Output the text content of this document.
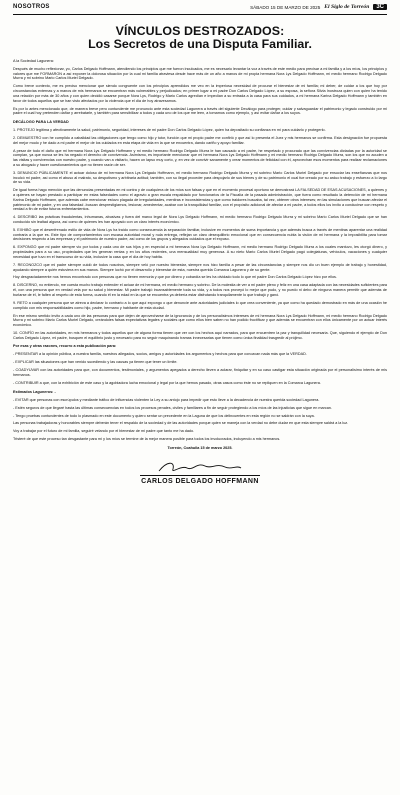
NOSOTROS	SÁBADO 15 DE MARZO DE 2025 El Siglo de Torreón	3C
VÍNCULOS DESTROZADOS:
Los Secretos de una Disputa Familiar.

A la Sociedad Lagunera:

Después de mucho reflexionar, yo, Carlos Delgado Hoffmann, atendiendo los principios que me fueron inculcados, me es necesario levantar la voz a través de este medio para precisar a mi familia y a los míos, los principios y valores que me FORMARON a así exponer la dolorosa situación por la cual mi familia atraviesa desde hace más de un año a manos de mi propia hermana Nora Lys Delgado Hoffmann, mi medio hermano Rodrigo Delgado Murra y mi sobrino Mario Carlos Muriel Delgado.

Como breve contexto, me es preciso mencionar que siendo congruente con los principios aprendidos me veo en la imperiosa necesidad de procurar el bienestar de mi familia; mi deber, de cuidar a los que hoy por circunstancias externas y a manos de mis hermanos se encuentran más vulnerables y perjudicados; en primer lugar a mi padre Don Carlos Delgado López, a su esposa, la señora Silvia Inostroza quien con quien ha tenido una relación por más de 30 años y con quien decidió casarse porque Nora Lys, Rodrigo y Mario Carlos agredían e impedían a su entrada a la casa para sus cuidados, a mi hermana Karina Delgado Hoffmann y también en favor de todos aquellos que se han visto afectados por la violencia que el día de hoy atravesamos.

Es por lo antes mencionado que, de manera breve pero contundente me pronuncio ante esta sociedad Lagunera a través del siguiente Decálogo para proteger, cuidar y salvaguardar el patrimonio y legado construido por mi padre el cual hoy pretenden dañar y arrebatarle, y también para sensibilizar a todos y cada uno de los que me leen, a tomamos como ejemplo, y así evitar dañar a los suyos.

DECÁLOGO PARA LA VERDAD

1. PROTEJO legítima y afectivamente la salud, patrimonio, seguridad, intereses de mi padre Don Carlos Delgado López, quien ha depositado su confianza en mí para cuidarlo y protegerlo.

2. DEMUESTRO con he cumplido a cabalidad las obligaciones que tengo como hijo y tutor, función que mi propio padre me confirió y que así lo presenta el Juez y mis hermanos se confirma. Esta designación fue propuesta del mejor modo y he dado a mi padre el mejor de los cuidados en esta etapa de vida en la que se encuentra, dando cariño y apoyo familiar.

A pesar de todo el daño que mi hermana Nora Lys Delgado Hoffmann y mi medio hermano Rodrigo Delgado Murra le han causado a mi padre, he respetado y procurado que las convivencias dictadas por la autoridad se cumplan, ya que nunca se les ha negado el derecho de convivencia. Asimismo, es importante mencionar que mi hermana Nora Lys Delgado Hoffmann y mi medio hermano Rodrigo Delgado Murra, son los que no acuden a las visitas y convivencias con nuestro padre, y cuando van a visitarlo, hacen un lapso muy corto, y, en vez de convivir sanamente y crear momentos de felicidad con él, aprovechan esos momentos para realizar reclamaciones a su abogado y hacer cuestionamientos que no tienen razón de ser.

3. DENUNCIO PÚBLICAMENTE el actuar doloso de mi hermana Nora Lys Delgado Hoffmann, mi medio hermano Rodrigo Delgado Murra y mi sobrino Mario Carlos Muriel Delgado por ensuciar las enseñanzas que nos inculcó mi padre, así como el abuso al malrato, su despotismo y arbitraria actitud; también, con su ilegal proceder para despojarlo de sus bienes y de su patrimonio el cual fue creado por su arduo trabajo y esfuerzo a lo largo de su vida.

De igual forma hago mención que las denuncias presentadas en mi contra y de cualquiera de los míos son falsas y que en el momento procesal oportuno se demostrará LA FALSEDAD DE ESAS ACUSACIONES, a quienes y a quienes se hayan prestado a participar en estas falsedades como el agravio a gran escala respaldado por funcionarios de la Fiscalía de la pasada administración, que fuera como resultado la detención de mi hermana Karina Delgado Hoffmann, que además cabe mencionar estuvo plagada de irregularidades, mentiras e inconsistencias y que como traidores buscaba, tal vez, obtener otros intereses; en las simulaciones que buscan afectar el patrimonio de mi padre, y en una falsedad -buscan desprestigiarnos, lesionar, amedrentar, acabar con la tranquilidad familiar, con el propósito adicional de afectar a mi padre, a todos ellos los invito a conducirse con respeto y verdad a fin de evitar futuros enfrentamientos.

4. DESCRIBO las prácticas fraudulentas, inhumanas, abusivas y fuera del marco legal de Nora Lys Delgado Hoffmann, mi medio hermano Rodrigo Delgado Murra y mi sobrino Mario Carlos Muriel Delgado que se han conducido sin lealtad alguna, así como de quienes les han apoyado con un claro interés económico.

5. EXHIBO que el desenfrenado estilo de vida de Nora Lys ha traído como consecuencia la separación familiar, inclusive en momentos de suma importancia y que además busca a través de mentiras aparentar una realidad contraria a la que es. Este tipo de comportamientos con escasa autoridad moral y nula entrega, reflejan un claro desequilibrio emocional que en consecuencia nubla la visión de mi hermana y la imposibilita para tomar decisiones respecto a las empresas y el patrimonio de nuestro padre, así como de los grupos y allegados cuidados que el expuso.

6. EXPONGO que mi padre siempre vio por todos y cada uno de sus hijos y en especial a mi hermana Nora Lys Delgado Hoffmann, mi medio hermano Rodrigo Delgado Murra a los cuales mantuvo, les otorgó dinero, y propiedades para a su uso, propiedades que les generan rentas y en los años recientes, una mensualidad muy generosa. A su nieto Mario Carlos Muriel Delgado pagó colegiaturas, vehículos, vacaciones y cualquier necesidad que tuvo en el transcurso de su vida, inclusive la casa que el día de hoy habita.

7. RECONOZCO que mi padre siempre cuidó de todos nosotros, siempre veló por nuestro bienestar, siempre nos hizo familia a pesar de las circunstancias y siempre nos dio un buen ejemplo de trabajo y honestidad, ayudando siempre a quién estuviera en sus manos. Siempre luchó por el desarrollo y bienestar de esta, nuestra querida Comarca Lagunera y de su gente.

Hoy desgraciadamente nos hemos encontrado con personas que no tienen memoria y que por dinero y cobardía se les ha olvidado todo lo que mi padre Don Carlos Delgado López hizo por ellos.

8. DISCERNO, no entiendo, me cuesta mucho trabajo entender el actuar de mi hermana, mi medio hermano y sobrino. De la molestia de ver a mi padre pleno y feliz en una casa adaptada con las necesidades suficientes para él, con una persona que en verdad vela por su salud y bienestar. Mi padre trabajó incansablemente toda su vida, y a todos nos proveyó lo mejor que pudo, y no puedo ni debo de ninguna manera permitir que además de burlarse de él, le falten al respeto de esta forma, cuando él en la edad en la que se encuentra ya debería estar disfrutando tranquilamente lo que trabajó y ganó.

9. RETO a cualquier persona que se atreva a declarar lo contrario a lo que aquí expongo o que denuncie ante autoridades judiciales lo que crea conveniente, ya que como ha quedado demostrado en más de una ocasión he cumplido con mis responsabilidades como hijo, padre, hermano y habitante de esta ciudad.

En ese mismo sentido invito a cada uno de las personas para que dejen de aprovecharse de la ignorancia y de los personalísimos intereses de mi hermana Nora Lys Delgado Hoffmann, mi medio hermano Rodrigo Delgado Murra y mi sobrino Mario Carlos Muriel Delgado, creándoles falsas expectativas legales y sociales que como ellos bien saben no han podido fructificar y que además se encuentran con ellos únicamente por un actuar interés económico.

10. CONFÍO en las autoridades, en mis hermanos y todos aquellos que de alguna forma tienen que ver con los hechos aquí narrados, para que encuentren la paz y tranquilidad necesaria. Que, siguiendo el ejemplo de Don Carlos Delgado López, mi padre, busquen el equilibrio justo y necesario para no seguir maquinando tramas innecesarias que tienen como única finalidad trasgredir al prójimo.

Por esas y otras razones, recurro a esta publicación para:

- PRESENTAR a la opinión pública, a nuestra familia, nuestros allegados, socios, amigos y autoridades los argumentos y hechos para que conozcan nada más que la VERDAD.

- EXPLICAR las situaciones que han venido sucediendo y las causas ya tienen que tener un límite.

- COADYUVAR con las autoridades para que, con documentos, testimoniales, y argumentos apegados a derecho lleven a aclarar, finiquitar y en su caso castigar esta situación originada por el personalísimo interés de mis hermanos.

- CONTRIBUIR a que, con la exhibición de este caso y la agobiadora lucha emocional y legal por la que hemos pasado, otras casos como éste no se repliquen en la Comarca Lagunera.

Estimados Laguneros: -

- EVITAR que personas con escrúpulos y mediante tráfico de influencias violenten la Ley a su antojo para impedir que esto lleve a la decadencia de nuestra querida sociedad Lagunera.

- Estén seguros de que llegaré hasta las últimas consecuencias en todos los procesos penales, civiles y familiares a fin de seguir protegiendo a los míos de las injusticias que sigue en marcan.

- Tengo pruebas contundentes de todo lo plasmado en este documento y quiero sentar un precedente en la Laguna de que los delincuentes en esta región no se saldrán con la suya.

Las personas trabajadoras y honorables siempre deberán tener el respaldo de la sociedad y de las autoridades porque quien se maneja con la verdad no debe dudar en que esta siempre saldrá a la luz.

Voy a trabajar por el futuro de mi familia, seguiré velando por el bienestar de mi padre que tanto me ha dado.

Tristeré de que este proceso tan desgastante para mí y los míos se termine de la mejor manera posible para todos los involucrados, incluyendo a mis hermanos.

Torreón, Coahuila 15 de marzo 2025.

CARLOS DELGADO HOFFMANN
